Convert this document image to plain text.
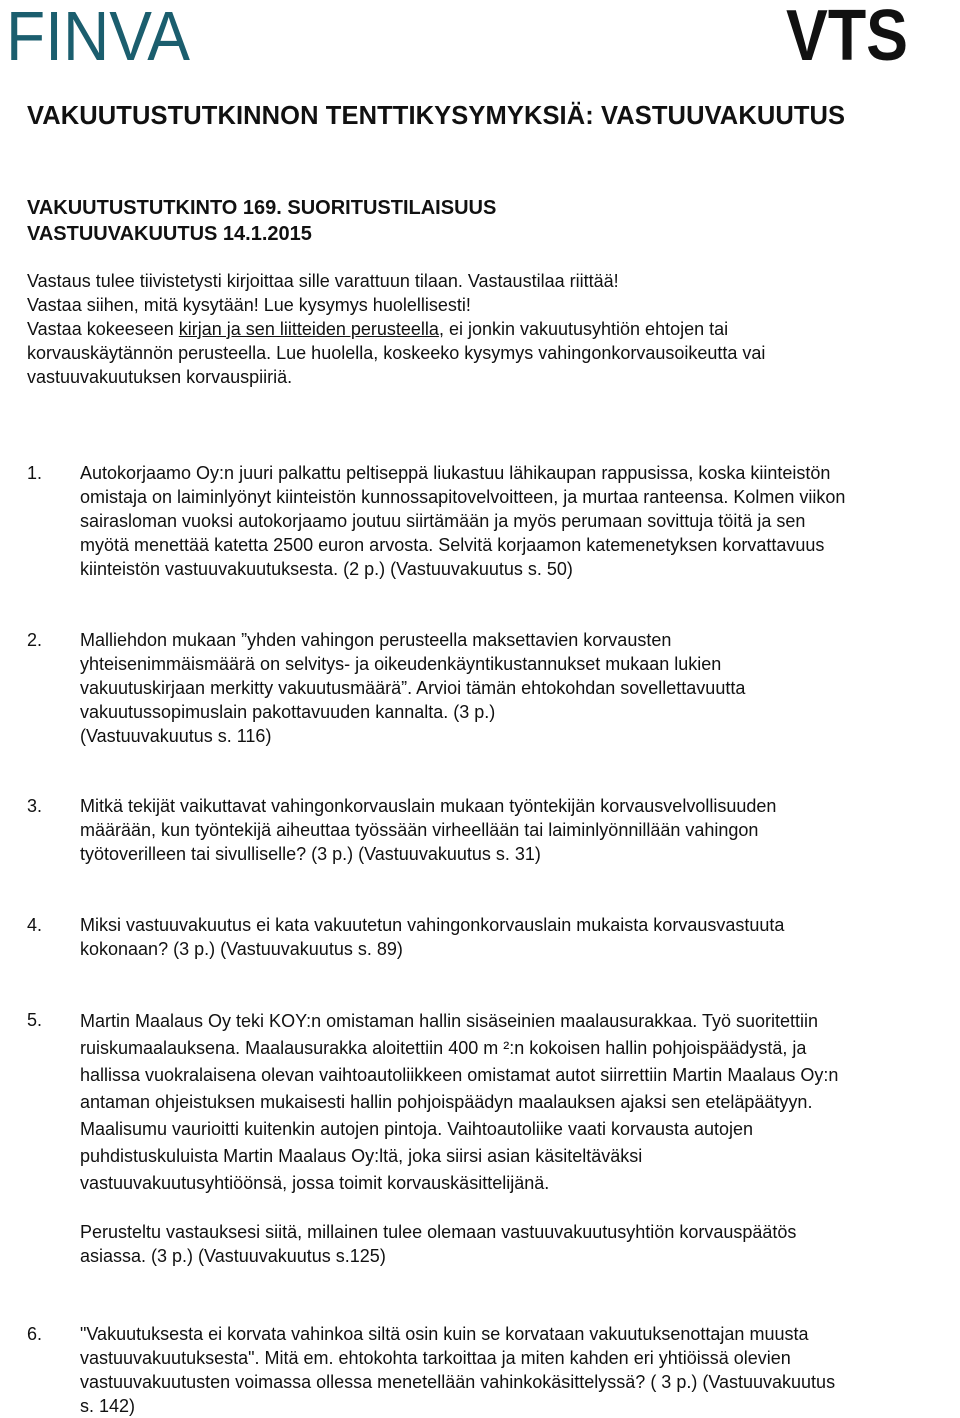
FINVA	VTS
VAKUUTUSTUTKINNON TENTTIKYSYMYKSIÄ: VASTUUVAKUUTUS
VAKUUTUSTUTKINTO 169. SUORITUSTILAISUUS
VASTUUVAKUUTUS 14.1.2015

Vastaus tulee tiivistetysti kirjoittaa sille varattuun tilaan. Vastaustilaa riittää!

Vastaa siihen, mitä kysytään! Lue kysymys huolellisesti!

Vastaa kokeeseen kirjan ja sen liitteiden perusteella, ei jonkin vakuutusyhtiön ehtojen tai

korvauskäytännön perusteella. Lue huolella, koskeeko kysymys vahingonkorvausoikeutta vai

vastuuvakuutuksen korvauspiiriä.

1. Autokorjaamo Oy:n juuri palkattu peltiseppä liukastuu lähikaupan rappusissa, koska kiinteistön

omistaja on laiminlyönyt kiinteistön kunnossapitovelvoitteen, ja murtaa ranteensa. Kolmen viikon

sairasloman vuoksi autokorjaamo joutuu siirtämään ja myös perumaan sovittuja töitä ja sen

myötä menettää katetta 2500 euron arvosta. Selvitä korjaamon katemenetyksen korvattavuus

kiinteistön vastuuvakuutuksesta. (2 p.) (Vastuuvakuutus s. 50)

2. Malliehdon mukaan ”yhden vahingon perusteella maksettavien korvausten

yhteisenimmäismäärä on selvitys- ja oikeudenkäyntikustannukset mukaan lukien

vakuutuskirjaan merkitty vakuutusmäärä”. Arvioi tämän ehtokohdan sovellettavuutta

vakuutussopimuslain pakottavuuden kannalta. (3 p.)

(Vastuuvakuutus s. 116)

3. Mitkä tekijät vaikuttavat vahingonkorvauslain mukaan työntekijän korvausvelvollisuuden

määrään, kun työntekijä aiheuttaa työssään virheellään tai laiminlyönnillään vahingon

työtoverilleen tai sivulliselle? (3 p.) (Vastuuvakuutus s. 31)

4. Miksi vastuuvakuutus ei kata vakuutetun vahingonkorvauslain mukaista korvausvastuuta

kokonaan? (3 p.) (Vastuuvakuutus s. 89)

5. Martin Maalaus Oy teki KOY:n omistaman hallin sisäseinien maalausurakkaa. Työ suoritettiin

ruiskumaalauksena. Maalausurakka aloitettiin 400 m ²:n kokoisen hallin pohjoispäädystä, ja

hallissa vuokralaisena olevan vaihtoautoliikkeen omistamat autot siirrettiin Martin Maalaus Oy:n

antaman ohjeistuksen mukaisesti hallin pohjoispäädyn maalauksen ajaksi sen eteläpäätyyn.

Maalisumu vaurioitti kuitenkin autojen pintoja. Vaihtoautoliike vaati korvausta autojen

puhdistuskuluista Martin Maalaus Oy:ltä, joka siirsi asian käsiteltäväksi

vastuuvakuutusyhtiöönsä, jossa toimit korvauskäsittelijänä.

Perusteltu vastauksesi siitä, millainen tulee olemaan vastuuvakuutusyhtiön korvauspäätös

asiassa. (3 p.) (Vastuuvakuutus s.125)

6. "Vakuutuksesta ei korvata vahinkoa siltä osin kuin se korvataan vakuutuksenottajan muusta

vastuuvakuutuksesta". Mitä em. ehtokohta tarkoittaa ja miten kahden eri yhtiöissä olevien

vastuuvakuutusten voimassa ollessa menetellään vahinkokäsittelyssä? ( 3 p.) (Vastuuvakuutus

s. 142)
